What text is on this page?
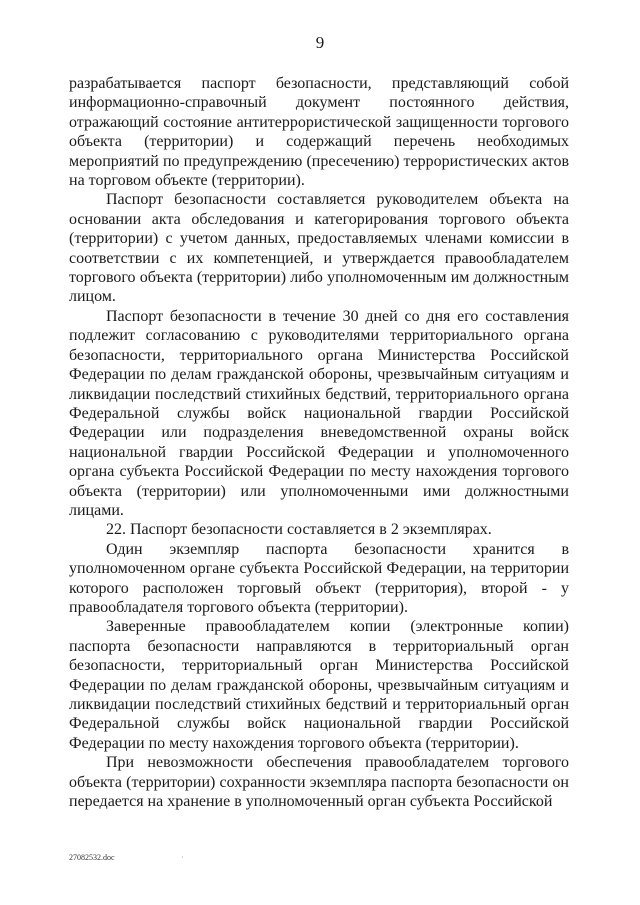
9

разрабатывается паспорт безопасности, представляющий собой информационно-справочный документ постоянного действия, отражающий состояние антитеррористической защищенности торгового объекта (территории) и содержащий перечень необходимых мероприятий по предупреждению (пресечению) террористических актов на торговом объекте (территории).

Паспорт безопасности составляется руководителем объекта на основании акта обследования и категорирования торгового объекта (территории) с учетом данных, предоставляемых членами комиссии в соответствии с их компетенцией, и утверждается правообладателем торгового объекта (территории) либо уполномоченным им должностным лицом.

Паспорт безопасности в течение 30 дней со дня его составления подлежит согласованию с руководителями территориального органа безопасности, территориального органа Министерства Российской Федерации по делам гражданской обороны, чрезвычайным ситуациям и ликвидации последствий стихийных бедствий, территориального органа Федеральной службы войск национальной гвардии Российской Федерации или подразделения вневедомственной охраны войск национальной гвардии Российской Федерации и уполномоченного органа субъекта Российской Федерации по месту нахождения торгового объекта (территории) или уполномоченными ими должностными лицами.

22. Паспорт безопасности составляется в 2 экземплярах.

Один экземпляр паспорта безопасности хранится в уполномоченном органе субъекта Российской Федерации, на территории которого расположен торговый объект (территория), второй - у правообладателя торгового объекта (территории).

Заверенные правообладателем копии (электронные копии) паспорта безопасности направляются в территориальный орган безопасности, территориальный орган Министерства Российской Федерации по делам гражданской обороны, чрезвычайным ситуациям и ликвидации последствий стихийных бедствий и территориальный орган Федеральной службы войск национальной гвардии Российской Федерации по месту нахождения торгового объекта (территории).

При невозможности обеспечения правообладателем торгового объекта (территории) сохранности экземпляра паспорта безопасности он передается на хранение в уполномоченный орган субъекта Российской

27082532.doc	·
